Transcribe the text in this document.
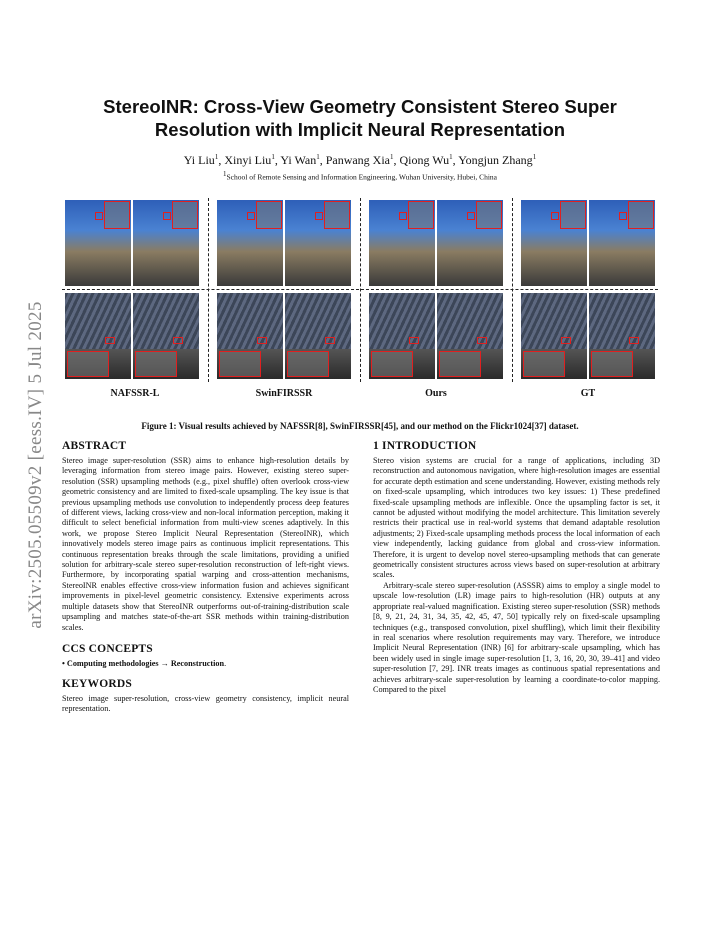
arXiv:2505.05509v2 [eess.IV] 5 Jul 2025
StereoINR: Cross-View Geometry Consistent Stereo Super Resolution with Implicit Neural Representation
Yi Liu$^1$, Xinyi Liu$^1$, Yi Wan$^1$, Panwang Xia$^1$, Qiong Wu$^1$, Yongjun Zhang$^1$
$^1$School of Remote Sensing and Information Engineering, Wuhan University, Hubei, China
NAFSSR-L	SwinFIRSSR	Ours	GT
Figure 1: Visual results achieved by NAFSSR[8], SwinFIRSSR[45], and our method on the Flickr1024[37] dataset.
ABSTRACT

Stereo image super-resolution (SSR) aims to enhance high-resolution details by leveraging information from stereo image pairs. However, existing stereo super-resolution (SSR) upsampling methods (e.g., pixel shuffle) often overlook cross-view geometric consistency and are limited to fixed-scale upsampling. The key issue is that previous upsampling methods use convolution to independently process deep features of different views, lacking cross-view and non-local information perception, making it difficult to select beneficial information from multi-view scenes adaptively. In this work, we propose Stereo Implicit Neural Representation (StereoINR), which innovatively models stereo image pairs as continuous implicit representations. This continuous representation breaks through the scale limitations, providing a unified solution for arbitrary-scale stereo super-resolution reconstruction of left-right views. Furthermore, by incorporating spatial warping and cross-attention mechanisms, StereoINR enables effective cross-view information fusion and achieves significant improvements in pixel-level geometric consistency. Extensive experiments across multiple datasets show that StereoINR outperforms out-of-training-distribution scale upsampling and matches state-of-the-art SSR methods within training-distribution scales.

CCS CONCEPTS
• Computing methodologies → Reconstruction.
KEYWORDS

Stereo image super-resolution, cross-view geometry consistency, implicit neural representation.

1 INTRODUCTION

Stereo vision systems are crucial for a range of applications, including 3D reconstruction and autonomous navigation, where high-resolution images are essential for accurate depth estimation and scene understanding. However, existing methods rely on fixed-scale upsampling, which introduces two key issues: 1) These predefined fixed-scale upsampling methods are inflexible. Once the upsampling factor is set, it cannot be adjusted without modifying the model architecture. This limitation severely restricts their practical use in real-world systems that demand adaptable resolution adjustments; 2) Fixed-scale upsampling methods process the local information of each view independently, lacking guidance from global and cross-view information. Therefore, it is urgent to develop novel stereo-upsampling methods that can generate geometrically consistent structures across views based on super-resolution at arbitrary scales.

Arbitrary-scale stereo super-resolution (ASSSR) aims to employ a single model to upscale low-resolution (LR) image pairs to high-resolution (HR) outputs at any appropriate real-valued magnification. Existing stereo super-resolution (SSR) methods [8, 9, 21, 24, 31, 34, 35, 42, 45, 47, 50] typically rely on fixed-scale upsampling techniques (e.g., transposed convolution, pixel shuffling), which limit their flexibility in real scenarios where resolution requirements may vary. Therefore, we introduce Implicit Neural Representation (INR) [6] for arbitrary-scale upsampling, which has been widely used in single image super-resolution [1, 3, 16, 20, 30, 39–41] and video super-resolution [7, 29]. INR treats images as continuous spatial representations and achieves arbitrary-scale super-resolution by learning a coordinate-to-color mapping. Compared to the pixel
